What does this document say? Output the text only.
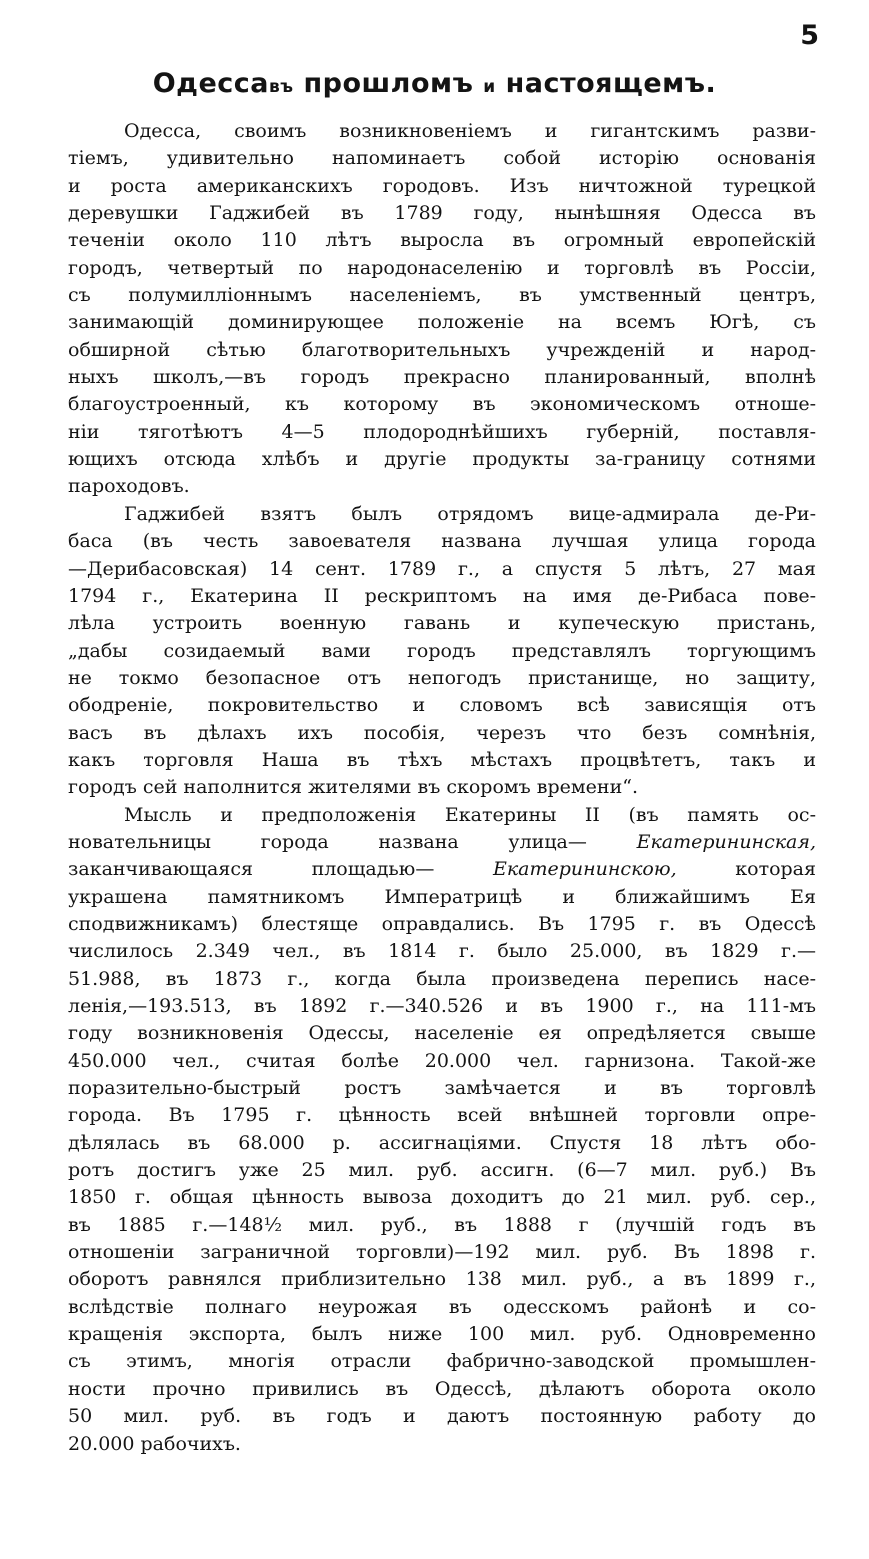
5
Одессавъ прошломъ и настоящемъ.
Одесса, своимъ возникновеніемъ и гигантскимъ разви-
тіемъ, удивительно напоминаетъ собой исторію основанія
и роста американскихъ городовъ. Изъ ничтожной турецкой
деревушки Гаджибей въ 1789 году, нынѣшняя Одесса въ
теченіи около 110 лѣтъ выросла въ огромный европейскій
городъ, четвертый по народонаселенію и торговлѣ въ Россіи,
съ полумилліоннымъ населеніемъ, въ умственный центръ,
занимающій доминирующее положеніе на всемъ Югѣ, съ
обширной сѣтью благотворительныхъ учрежденій и народ-
ныхъ школъ,—въ городъ прекрасно планированный, вполнѣ
благоустроенный, къ которому въ экономическомъ отноше-
ніи тяготѣютъ 4—5 плодороднѣйшихъ губерній, поставля-
ющихъ отсюда хлѣбъ и другіе продукты за-границу сотнями
пароходовъ.
Гаджибей взятъ былъ отрядомъ вице-адмирала де-Ри-
баса (въ честь завоевателя названа лучшая улица города
—Дерибасовская) 14 сент. 1789 г., а спустя 5 лѣтъ, 27 мая
1794 г., Екатерина II рескриптомъ на имя де-Рибаса пове-
лѣла устроить военную гавань и купеческую пристань,
„дабы созидаемый вами городъ представлялъ торгующимъ
не токмо безопасное отъ непогодъ пристанище, но защиту,
ободреніе, покровительство и словомъ всѣ зависящія отъ
васъ въ дѣлахъ ихъ пособія, черезъ что безъ сомнѣнія,
какъ торговля Наша въ тѣхъ мѣстахъ процвѣтетъ, такъ и
городъ сей наполнится жителями въ скоромъ времени“.
Мысль и предположенія Екатерины II (въ память ос-
новательницы города названа улица—	Екатерининская,
заканчивающаяся площадью—	Екатерининскою,	которая
украшена памятникомъ Императрицѣ и ближайшимъ Ея
сподвижникамъ) блестяще оправдались. Въ 1795 г. въ Одессѣ
числилось 2.349 чел., въ 1814 г. было 25.000, въ 1829 г.—
51.988, въ 1873 г., когда была произведена перепись насе-
ленія,—193.513, въ 1892 г.—340.526 и въ 1900 г., на 111-мъ
году возникновенія Одессы, населеніе ея опредѣляется свыше
450.000 чел., считая болѣе 20.000 чел. гарнизона. Такой-же
поразительно-быстрый ростъ замѣчается и въ торговлѣ
города. Въ 1795 г. цѣнность всей внѣшней торговли опре-
дѣлялась въ 68.000 р. ассигнаціями. Спустя 18 лѣтъ обо-
ротъ достигъ уже 25 мил. руб. ассигн. (6—7 мил. руб.) Въ
1850 г. общая цѣнность вывоза доходитъ до 21 мил. руб. сер.,
въ 1885 г.—148½ мил. руб., въ 1888 г (лучшій годъ въ
отношеніи заграничной торговли)—192 мил. руб. Въ 1898 г.
оборотъ равнялся приблизительно 138 мил. руб., а въ 1899 г.,
вслѣдствіе полнаго неурожая въ одесскомъ районѣ и со-
кращенія экспорта, былъ ниже 100 мил. руб. Одновременно
съ этимъ, многія отрасли фабрично-заводской промышлен-
ности прочно привились въ Одессѣ, дѣлаютъ оборота около
50 мил. руб. въ годъ и даютъ постоянную работу до
20.000 рабочихъ.
